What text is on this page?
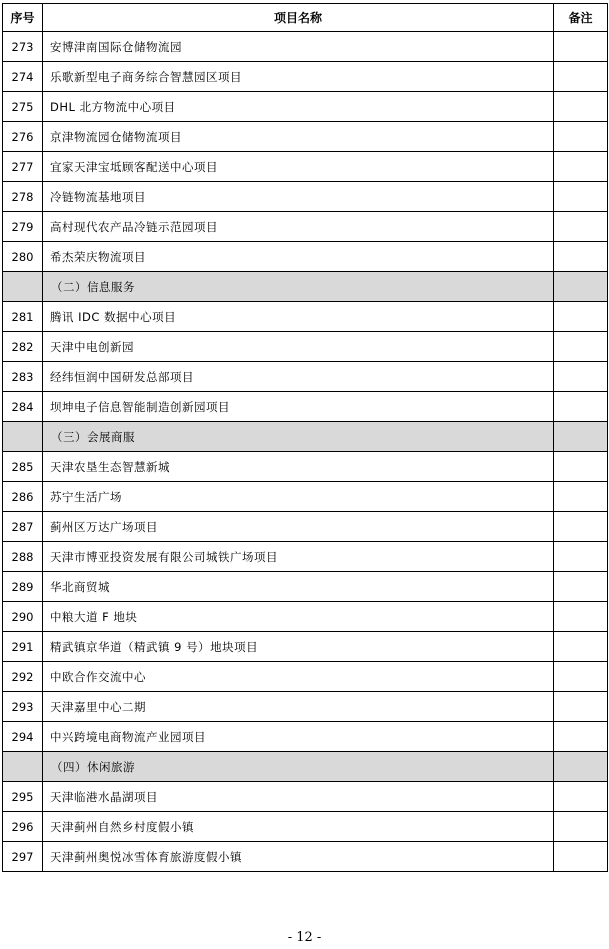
序号	项目名称	备注
273	安博津南国际仓储物流园	
274	乐歌新型电子商务综合智慧园区项目	
275	DHL 北方物流中心项目	
276	京津物流园仓储物流项目	
277	宜家天津宝坻顾客配送中心项目	
278	冷链物流基地项目	
279	高村现代农产品冷链示范园项目	
280	希杰荣庆物流项目	
	（二）信息服务	
281	腾讯 IDC 数据中心项目	
282	天津中电创新园	
283	经纬恒润中国研发总部项目	
284	坝坤电子信息智能制造创新园项目	
	（三）会展商服	
285	天津农垦生态智慧新城	
286	苏宁生活广场	
287	蓟州区万达广场项目	
288	天津市博亚投资发展有限公司城铁广场项目	
289	华北商贸城	
290	中粮大道 F 地块	
291	精武镇京华道（精武镇 9 号）地块项目	
292	中欧合作交流中心	
293	天津嘉里中心二期	
294	中兴跨境电商物流产业园项目	
	（四）休闲旅游	
295	天津临港水晶湖项目	
296	天津蓟州自然乡村度假小镇	
297	天津蓟州奥悦冰雪体育旅游度假小镇	
- 12 -
